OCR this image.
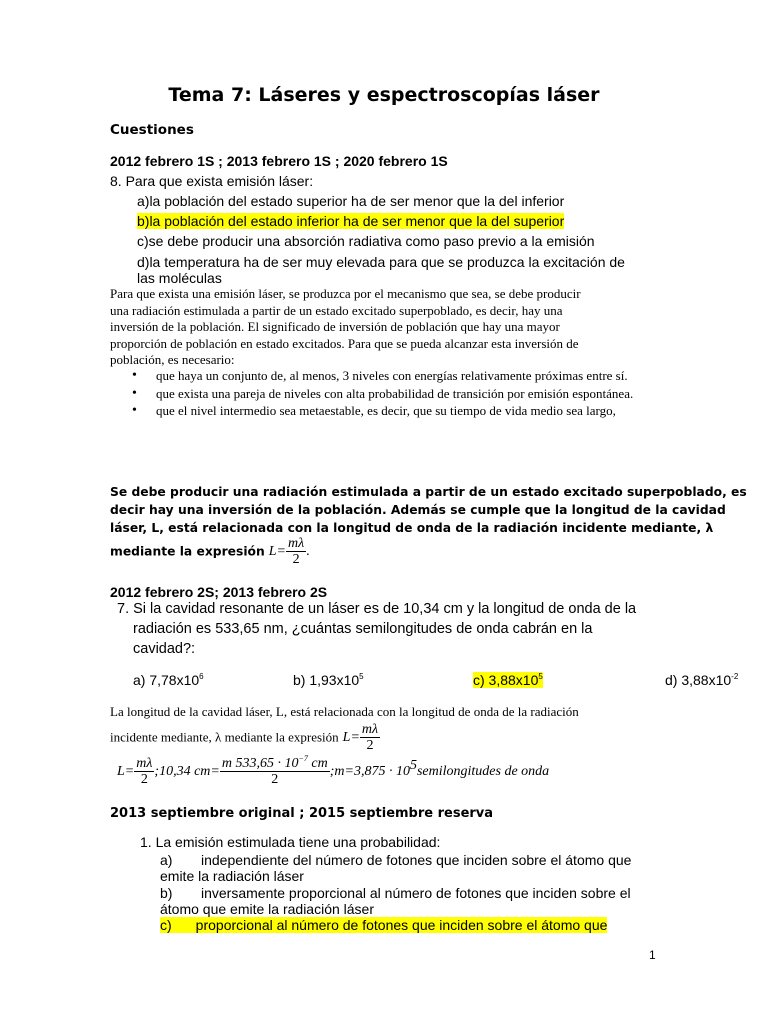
Tema 7: Láseres y espectroscopías láser
Cuestiones
2012 febrero 1S ; 2013 febrero 1S ; 2020 febrero 1S
8. Para que exista emisión láser:
a)la población del estado superior ha de ser menor que la del inferior
b)la población del estado inferior ha de ser menor que la del superior
c)se debe producir una absorción radiativa como paso previo a la emisión
d)la temperatura ha de ser muy elevada para que se produzca la excitación de
las moléculas
Para que exista una emisión láser, se produzca por el mecanismo que sea, se debe producir
una radiación estimulada a partir de un estado excitado superpoblado, es decir, hay una
inversión de la población. El significado de inversión de población que hay una mayor
proporción de población en estado excitados. Para que se pueda alcanzar esta inversión de
población, es necesario:
• que haya un conjunto de, al menos, 3 niveles con energías relativamente próximas entre sí.
• que exista una pareja de niveles con alta probabilidad de transición por emisión espontánea.
• que el nivel intermedio sea metaestable, es decir, que su tiempo de vida medio sea largo,
Se debe producir una radiación estimulada a partir de un estado excitado superpoblado, es
decir hay una inversión de la población. Además se cumple que la longitud de la cavidad
láser, L, está relacionada con la longitud de onda de la radiación incidente mediante, λ
mediante la expresión $L= \frac{m\lambda}{2}$ .
2012 febrero 2S; 2013 febrero 2S
7. Si la cavidad resonante de un láser es de 10,34 cm y la longitud de onda de la
radiación es 533,65 nm, ¿cuántas semilongitudes de onda cabrán en la
cavidad?:
a) $7,78x10^6$	b) $1,93x10^5$	c) $3,88x10^5$	d) $3,88x10^{-2}$
La longitud de la cavidad láser, L, está relacionada con la longitud de onda de la radiación
incidente mediante, λ mediante la expresión $L= \frac{m\lambda}{2}$
$L= \frac{m\lambda}{2}$ ;10,34 $cm= \frac{m 533,65 \cdot 10^{-7} cm}{2}$ ;m=3,875 · $10^5semilongitudes$ de onda
2013 septiembre original ; 2015 septiembre reserva
1. La emisión estimulada tiene una probabilidad:
a) independiente del número de fotones que inciden sobre el átomo que
emite la radiación láser
b) inversamente proporcional al número de fotones que inciden sobre el
átomo que emite la radiación láser
c) proporcional al número de fotones que inciden sobre el átomo que
1
